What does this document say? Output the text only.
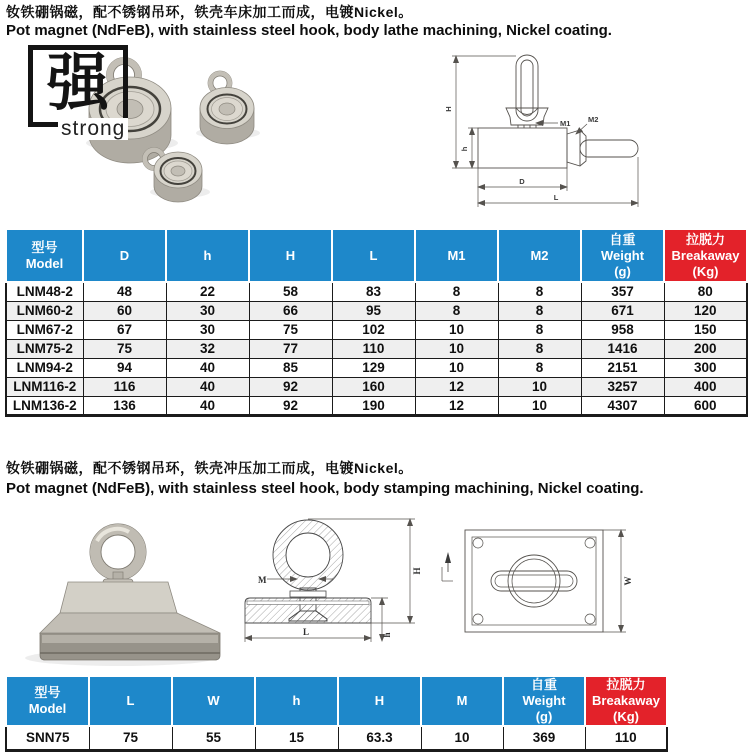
钕铁硼锅磁，配不锈钢吊环，铁壳车床加工而成，电镀Nickel。
Pot magnet (NdFeB), with stainless steel hook, body lathe machining, Nickel coating.
强
strong
H
h
M1 M2
D
L
型号
Model

D	h	H	L	M1	M2

自重
Weight
(g)

拉脱力
Breakaway
(Kg)

LNM48-2	48	22	58	83	8	8	357	80
LNM60-2	60	30	66	95	8	8	671	120
LNM67-2	67	30	75	102	10	8	958	150
LNM75-2	75	32	77	110	10	8	1416	200
LNM94-2	94	40	85	129	10	8	2151	300
LNM116-2	116	40	92	160	12	10	3257	400
LNM136-2	136	40	92	190	12	10	4307	600
钕铁硼锅磁，配不锈钢吊环，铁壳冲压加工而成，电镀Nickel。
Pot magnet (NdFeB), with stainless steel hook, body stamping machining, Nickel coating.
M
H
L	h
W
型号
Model

L	W	h	H	M

自重
Weight
(g)

拉脱力
Breakaway
(Kg)

SNN75	75	55	15	63.3	10	369	110
